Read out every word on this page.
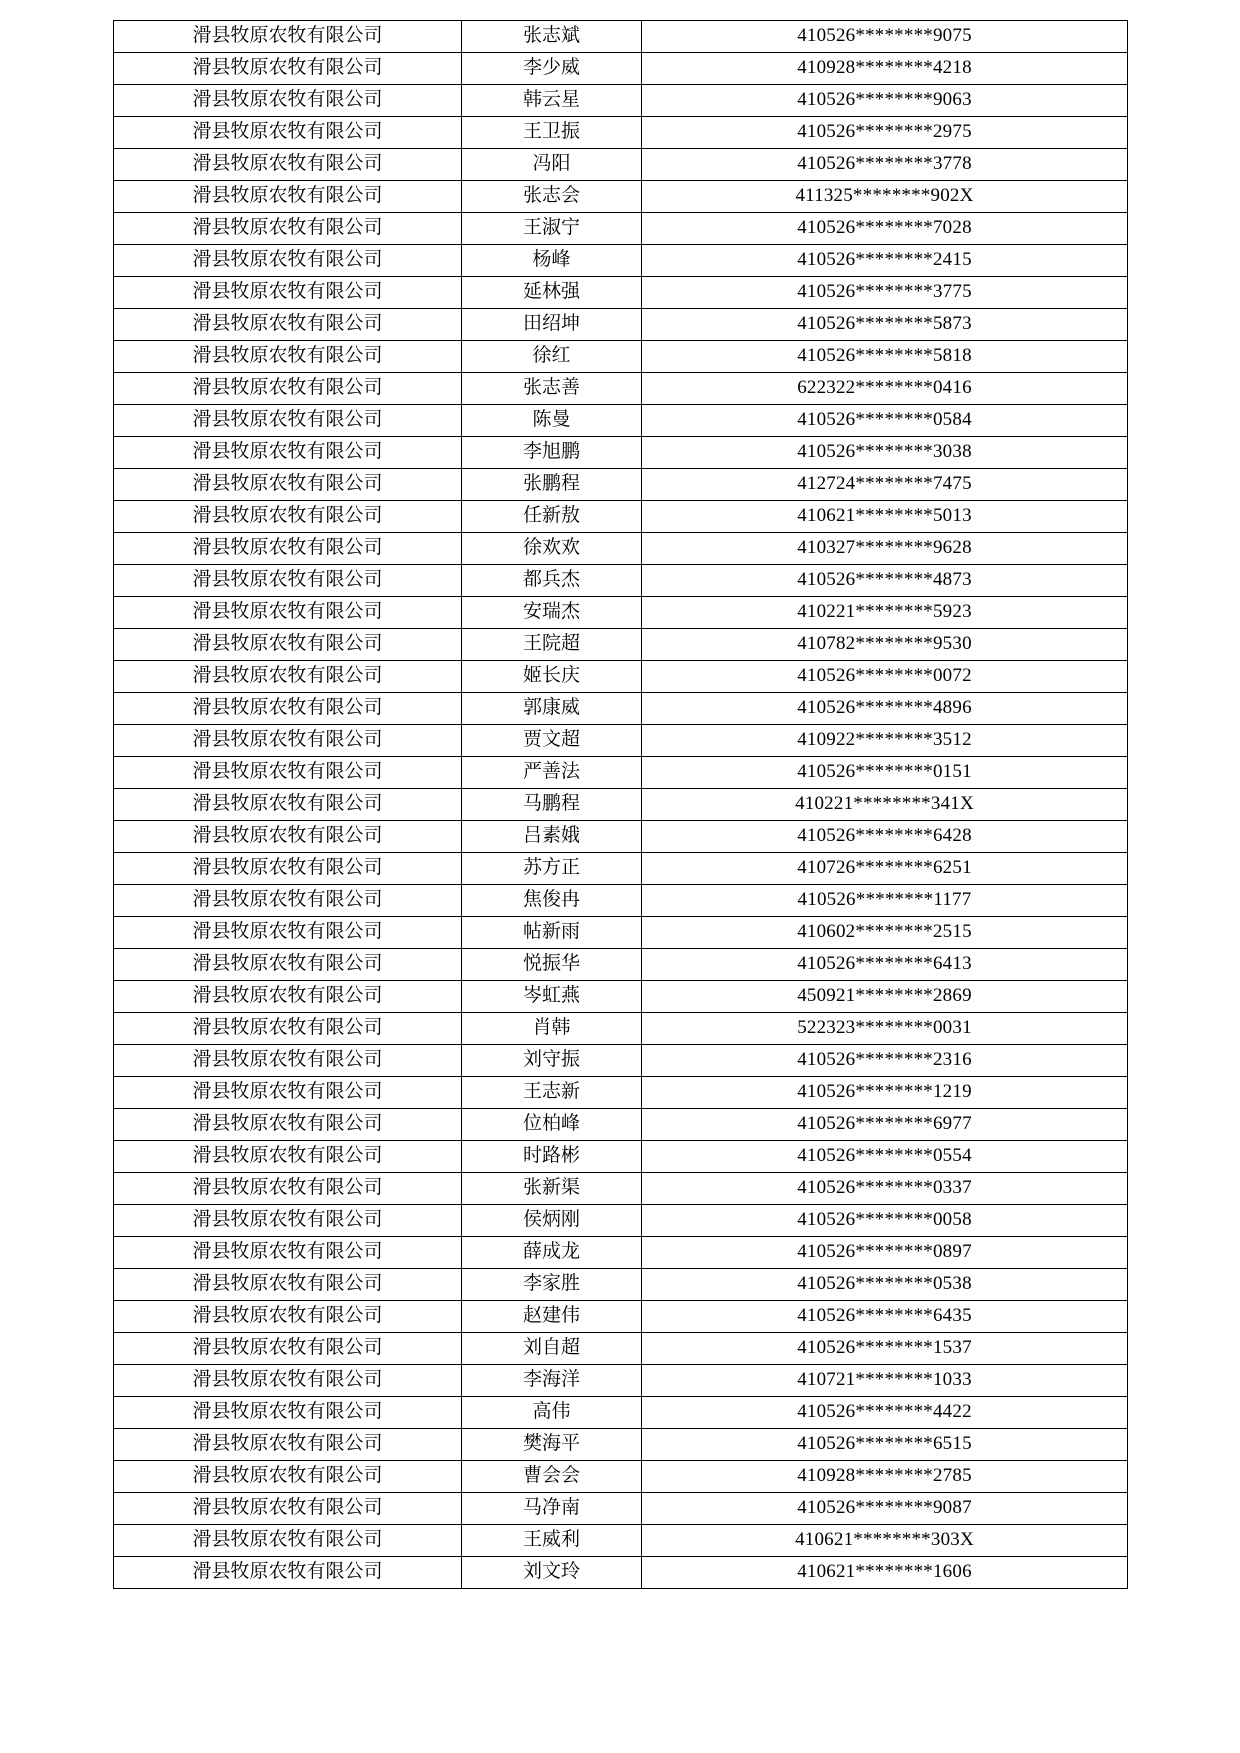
滑县牧原农牧有限公司	张志斌	410526********9075
滑县牧原农牧有限公司	李少威	410928********4218
滑县牧原农牧有限公司	韩云星	410526********9063
滑县牧原农牧有限公司	王卫振	410526********2975
滑县牧原农牧有限公司	冯阳	410526********3778
滑县牧原农牧有限公司	张志会	411325********902X
滑县牧原农牧有限公司	王淑宁	410526********7028
滑县牧原农牧有限公司	杨峰	410526********2415
滑县牧原农牧有限公司	延林强	410526********3775
滑县牧原农牧有限公司	田绍坤	410526********5873
滑县牧原农牧有限公司	徐红	410526********5818
滑县牧原农牧有限公司	张志善	622322********0416
滑县牧原农牧有限公司	陈曼	410526********0584
滑县牧原农牧有限公司	李旭鹏	410526********3038
滑县牧原农牧有限公司	张鹏程	412724********7475
滑县牧原农牧有限公司	任新敖	410621********5013
滑县牧原农牧有限公司	徐欢欢	410327********9628
滑县牧原农牧有限公司	都兵杰	410526********4873
滑县牧原农牧有限公司	安瑞杰	410221********5923
滑县牧原农牧有限公司	王院超	410782********9530
滑县牧原农牧有限公司	姬长庆	410526********0072
滑县牧原农牧有限公司	郭康威	410526********4896
滑县牧原农牧有限公司	贾文超	410922********3512
滑县牧原农牧有限公司	严善法	410526********0151
滑县牧原农牧有限公司	马鹏程	410221********341X
滑县牧原农牧有限公司	吕素娥	410526********6428
滑县牧原农牧有限公司	苏方正	410726********6251
滑县牧原农牧有限公司	焦俊冉	410526********1177
滑县牧原农牧有限公司	帖新雨	410602********2515
滑县牧原农牧有限公司	悦振华	410526********6413
滑县牧原农牧有限公司	岑虹燕	450921********2869
滑县牧原农牧有限公司	肖韩	522323********0031
滑县牧原农牧有限公司	刘守振	410526********2316
滑县牧原农牧有限公司	王志新	410526********1219
滑县牧原农牧有限公司	位柏峰	410526********6977
滑县牧原农牧有限公司	时路彬	410526********0554
滑县牧原农牧有限公司	张新渠	410526********0337
滑县牧原农牧有限公司	侯炳刚	410526********0058
滑县牧原农牧有限公司	薛成龙	410526********0897
滑县牧原农牧有限公司	李家胜	410526********0538
滑县牧原农牧有限公司	赵建伟	410526********6435
滑县牧原农牧有限公司	刘自超	410526********1537
滑县牧原农牧有限公司	李海洋	410721********1033
滑县牧原农牧有限公司	高伟	410526********4422
滑县牧原农牧有限公司	樊海平	410526********6515
滑县牧原农牧有限公司	曹会会	410928********2785
滑县牧原农牧有限公司	马净南	410526********9087
滑县牧原农牧有限公司	王威利	410621********303X
滑县牧原农牧有限公司	刘文玲	410621********1606
